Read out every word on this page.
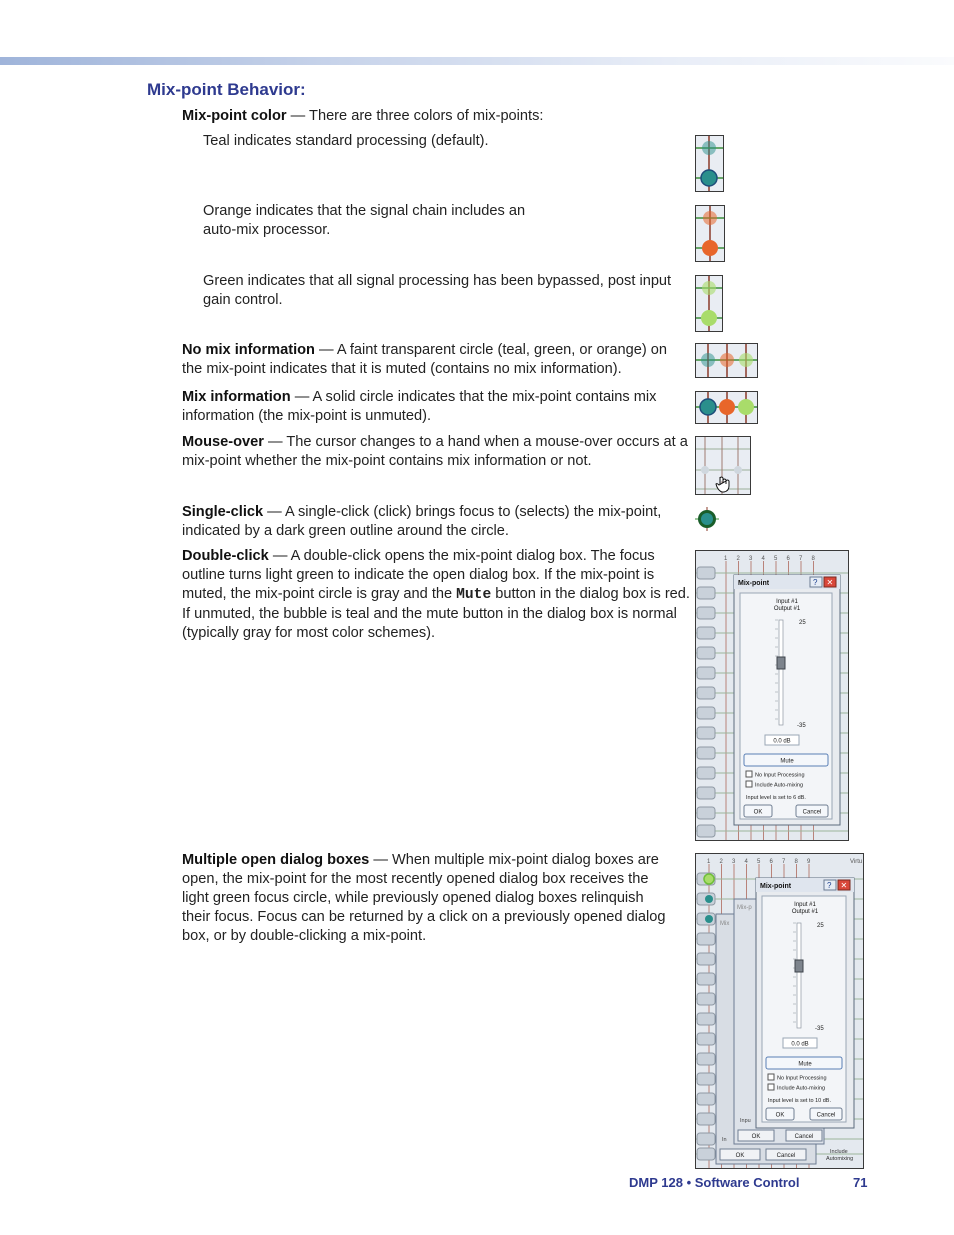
Mix-point Behavior:

Mix-point color — There are three colors of mix-points:

Teal indicates standard processing (default).

Orange indicates that the signal chain includes an auto-mix processor.

Green indicates that all signal processing has been bypassed, post input gain control.

No mix information — A faint transparent circle (teal, green, or orange) on the mix-point indicates that it is muted (contains no mix information).

Mix information — A solid circle indicates that the mix-point contains mix information (the mix-point is unmuted).

Mouse-over — The cursor changes to a hand when a mouse-over occurs at a mix-point whether the mix-point contains mix information or not.

Single-click — A single-click (click) brings focus to (selects) the mix-point, indicated by a dark green outline around the circle.

Double-click — A double-click opens the mix-point dialog box. The focus outline turns light green to indicate the open dialog box. If the mix-point is muted, the mix-point circle is gray and the Mute button in the dialog box is red.
If unmuted, the bubble is teal and the mute button in the dialog box is normal (typically gray for most color schemes).

Multiple open dialog boxes — When multiple mix-point dialog boxes are open, the mix-point for the most recently opened dialog box receives the light green focus circle, while previously opened dialog boxes relinquish their focus. Focus can be returned by a click on a previously opened dialog box, or by double-clicking a mix-point.

1 2 3 4 5 6 7 8
Mix-point	? ✕
Input #1
Output #1
25
-35
0.0 dB
Mute
No Input Processing
Include Auto-mixing
Input level is set to 6 dB.
OK	Cancel
1 2 3 4 5 6 7 8 9	Virtu
Mix
OK	Cancel
In
Mix-p
OK	Cancel
Inpu
Include
Automixing
Mix-point	? ✕
Input #1
Output #1
25
-35
0.0 dB
Mute
No Input Processing
Include Auto-mixing
Input level is set to 10 dB.
OK	Cancel
DMP 128 • Software Control	71
